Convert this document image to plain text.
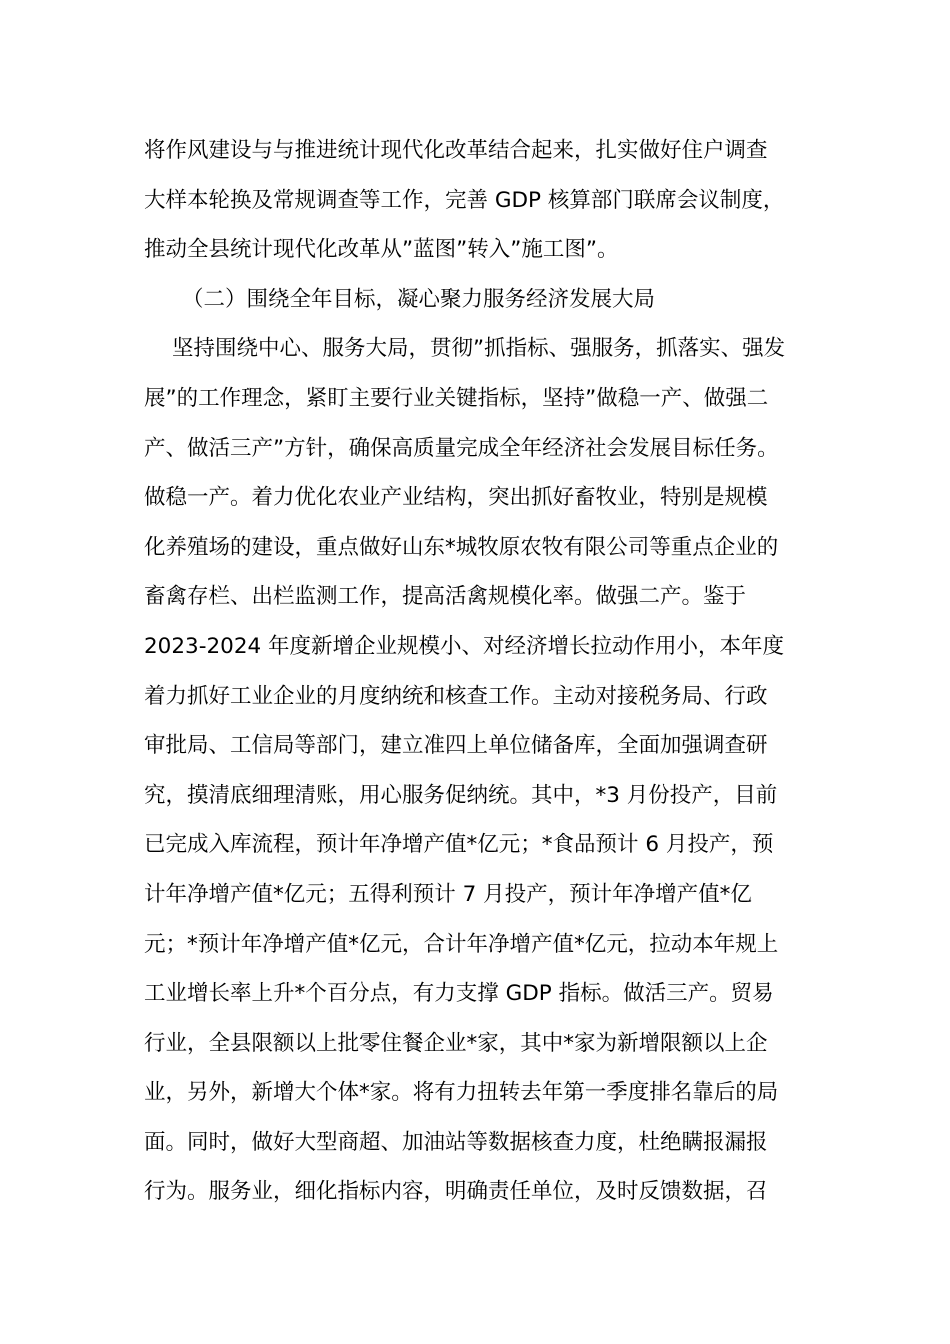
将作风建设与与推进统计现代化改革结合起来，扎实做好住户调查
大样本轮换及常规调查等工作，完善 GDP 核算部门联席会议制度，
推动全县统计现代化改革从”蓝图”转入”施工图”。
（二）围绕全年目标，凝心聚力服务经济发展大局
坚持围绕中心、服务大局，贯彻”抓指标、强服务，抓落实、强发
展”的工作理念，紧盯主要行业关键指标，坚持”做稳一产、做强二
产、做活三产”方针，确保高质量完成全年经济社会发展目标任务。
做稳一产。着力优化农业产业结构，突出抓好畜牧业，特别是规模
化养殖场的建设，重点做好山东*城牧原农牧有限公司等重点企业的
畜禽存栏、出栏监测工作，提高活禽规模化率。做强二产。鉴于
2023-2024 年度新增企业规模小、对经济增长拉动作用小，本年度
着力抓好工业企业的月度纳统和核查工作。主动对接税务局、行政
审批局、工信局等部门，建立准四上单位储备库，全面加强调查研
究，摸清底细理清账，用心服务促纳统。其中，*3 月份投产，目前
已完成入库流程，预计年净增产值*亿元；*食品预计 6 月投产，预
计年净增产值*亿元；五得利预计 7 月投产，预计年净增产值*亿
元；*预计年净增产值*亿元，合计年净增产值*亿元，拉动本年规上
工业增长率上升*个百分点，有力支撑 GDP 指标。做活三产。贸易
行业，全县限额以上批零住餐企业*家，其中*家为新增限额以上企
业，另外，新增大个体*家。将有力扭转去年第一季度排名靠后的局
面。同时，做好大型商超、加油站等数据核查力度，杜绝瞒报漏报
行为。服务业，细化指标内容，明确责任单位，及时反馈数据，召
